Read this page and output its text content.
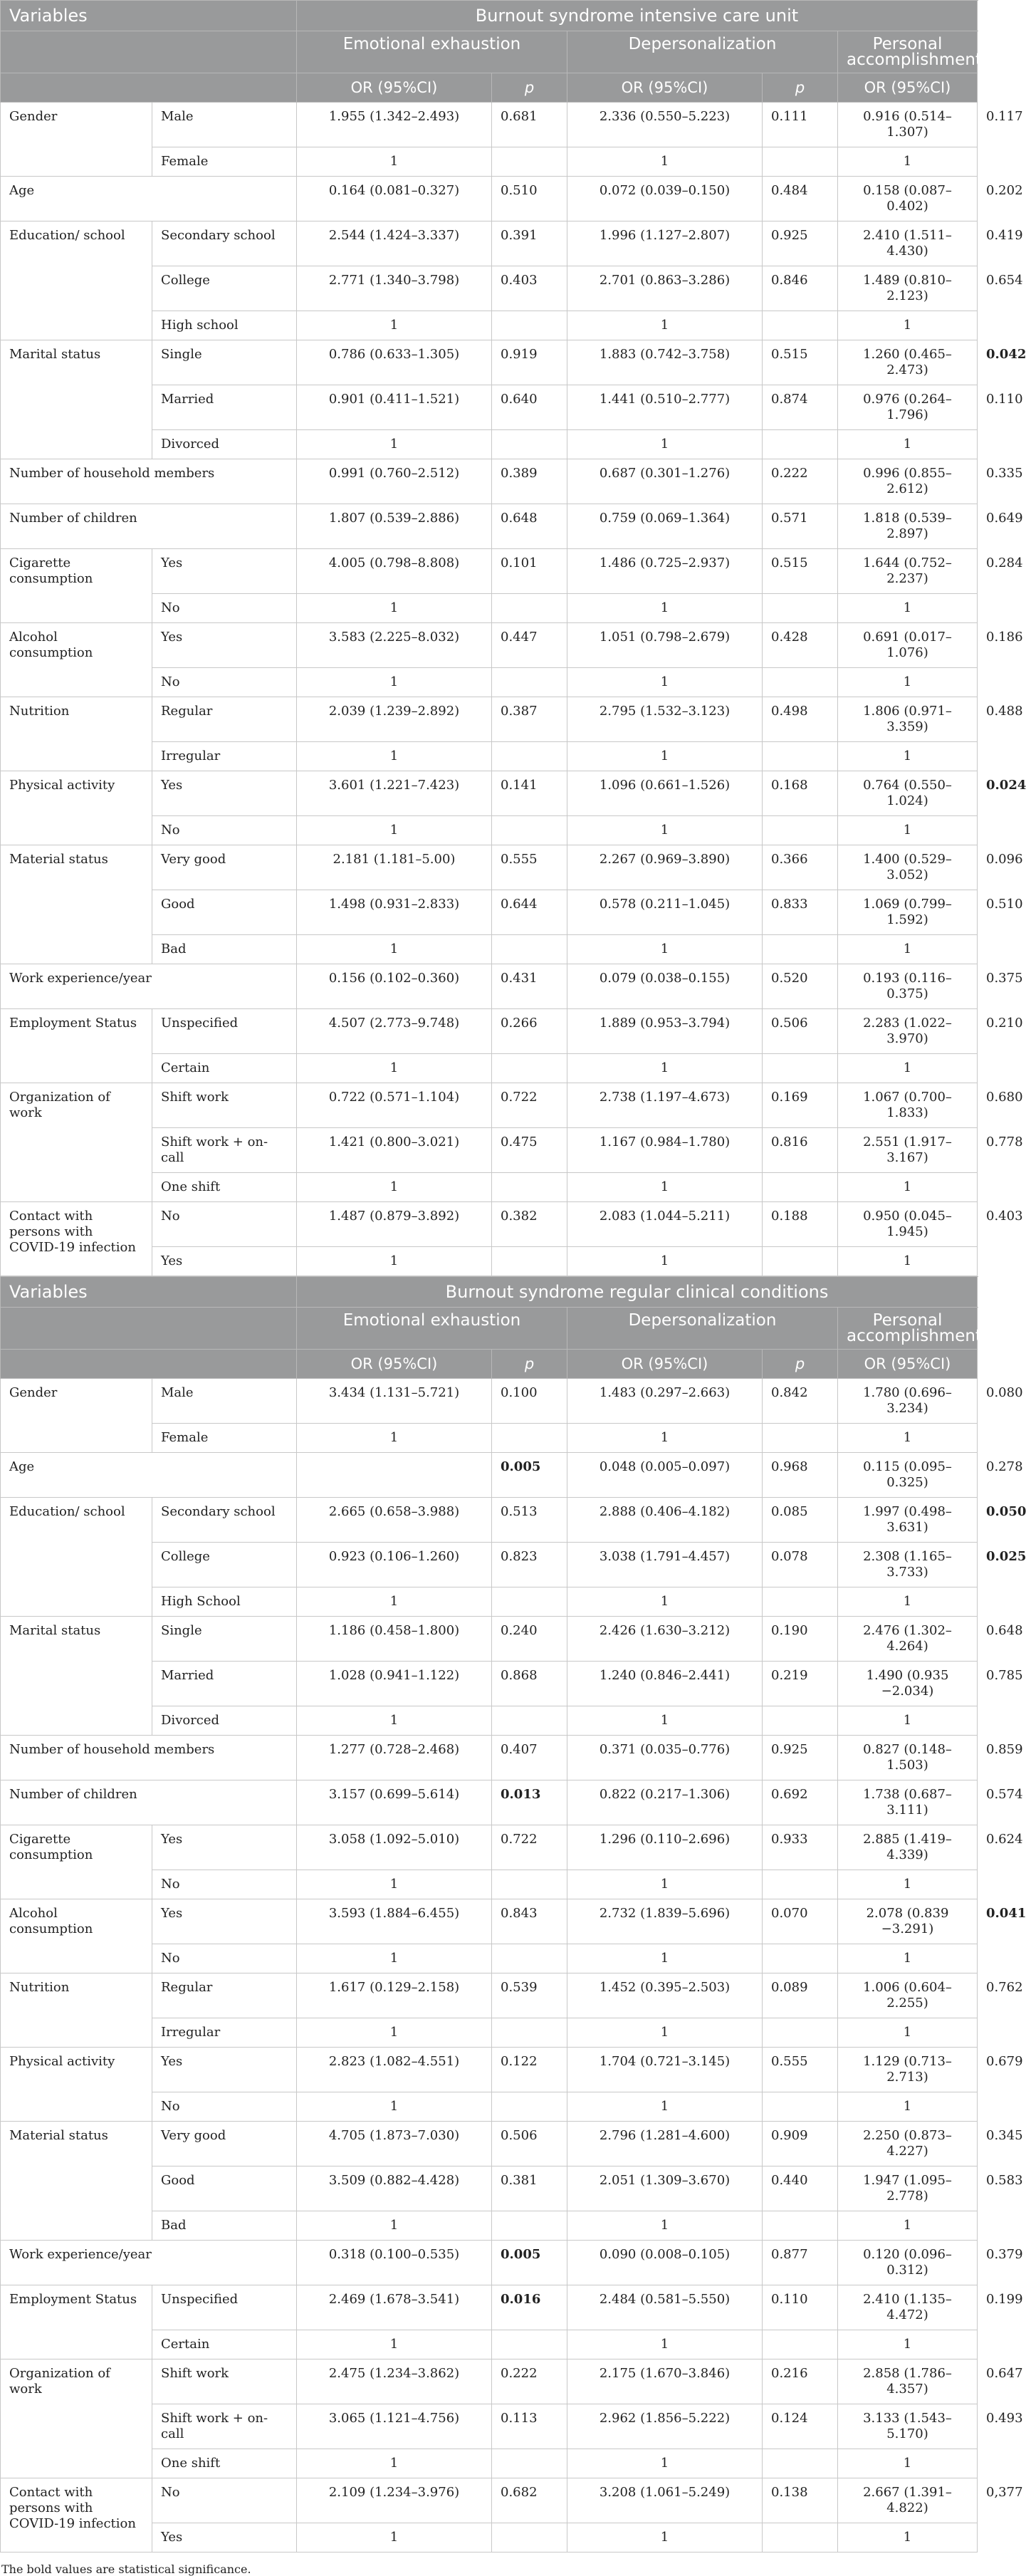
Variables		Burnout syndrome intensive care unit					
		Emotional exhaustion		Depersonalization		Personal accomplishment	
		OR (95%CI)	p	OR (95%CI)	p	OR (95%CI)	p
Gender	Male	1.955 (1.342–2.493)	0.681	2.336 (0.550–5.223)	0.111	0.916 (0.514–1.307)	0.117
	Female	1		1		1	
Age		0.164 (0.081–0.327)	0.510	0.072 (0.039–0.150)	0.484	0.158 (0.087–0.402)	0.202
Education/ school	Secondary school	2.544 (1.424–3.337)	0.391	1.996 (1.127–2.807)	0.925	2.410 (1.511–4.430)	0.419
	College	2.771 (1.340–3.798)	0.403	2.701 (0.863–3.286)	0.846	1.489 (0.810–2.123)	0.654
	High school	1		1		1	
Marital status	Single	0.786 (0.633–1.305)	0.919	1.883 (0.742–3.758)	0.515	1.260 (0.465–2.473)	0.042
	Married	0.901 (0.411–1.521)	0.640	1.441 (0.510–2.777)	0.874	0.976 (0.264–1.796)	0.110
	Divorced	1		1		1	
Number of household members		0.991 (0.760–2.512)	0.389	0.687 (0.301–1.276)	0.222	0.996 (0.855–2.612)	0.335
Number of children		1.807 (0.539–2.886)	0.648	0.759 (0.069–1.364)	0.571	1.818 (0.539–2.897)	0.649
Cigarette consumption	Yes	4.005 (0.798–8.808)	0.101	1.486 (0.725–2.937)	0.515	1.644 (0.752–2.237)	0.284
	No	1		1		1	
Alcohol consumption	Yes	3.583 (2.225–8.032)	0.447	1.051 (0.798–2.679)	0.428	0.691 (0.017–1.076)	0.186
	No	1		1		1	
Nutrition	Regular	2.039 (1.239–2.892)	0.387	2.795 (1.532–3.123)	0.498	1.806 (0.971–3.359)	0.488
	Irregular	1		1		1	
Physical activity	Yes	3.601 (1.221–7.423)	0.141	1.096 (0.661–1.526)	0.168	0.764 (0.550–1.024)	0.024
	No	1		1		1	
Material status	Very good	2.181 (1.181–5.00)	0.555	2.267 (0.969–3.890)	0.366	1.400 (0.529–3.052)	0.096
	Good	1.498 (0.931–2.833)	0.644	0.578 (0.211–1.045)	0.833	1.069 (0.799–1.592)	0.510
	Bad	1		1		1	
Work experience/year		0.156 (0.102–0.360)	0.431	0.079 (0.038–0.155)	0.520	0.193 (0.116–0.375)	0.375
Employment Status	Unspecified	4.507 (2.773–9.748)	0.266	1.889 (0.953–3.794)	0.506	2.283 (1.022–3.970)	0.210
	Certain	1		1		1	
Organization of work	Shift work	0.722 (0.571–1.104)	0.722	2.738 (1.197–4.673)	0.169	1.067 (0.700–1.833)	0.680
	Shift work + on-call	1.421 (0.800–3.021)	0.475	1.167 (0.984–1.780)	0.816	2.551 (1.917–3.167)	0.778
	One shift	1		1		1	
Contact with persons with COVID-19 infection	No	1.487 (0.879–3.892)	0.382	2.083 (1.044–5.211)	0.188	0.950 (0.045–1.945)	0.403
	Yes	1		1		1	
Variables		Burnout syndrome regular clinical conditions					
		Emotional exhaustion		Depersonalization		Personal accomplishment	
		OR (95%CI)	p	OR (95%CI)	p	OR (95%CI)	p
Gender	Male	3.434 (1.131–5.721)	0.100	1.483 (0.297–2.663)	0.842	1.780 (0.696–3.234)	0.080
	Female	1		1		1	
Age			0.005	0.048 (0.005–0.097)	0.968	0.115 (0.095–0.325)	0.278
Education/ school	Secondary school	2.665 (0.658–3.988)	0.513	2.888 (0.406–4.182)	0.085	1.997 (0.498–3.631)	0.050
	College	0.923 (0.106–1.260)	0.823	3.038 (1.791–4.457)	0.078	2.308 (1.165–3.733)	0.025
	High School	1		1		1	
Marital status	Single	1.186 (0.458–1.800)	0.240	2.426 (1.630–3.212)	0.190	2.476 (1.302–4.264)	0.648
	Married	1.028 (0.941–1.122)	0.868	1.240 (0.846–2.441)	0.219	1.490 (0.935 −2.034)	0.785
	Divorced	1		1		1	
Number of household members		1.277 (0.728–2.468)	0.407	0.371 (0.035–0.776)	0.925	0.827 (0.148–1.503)	0.859
Number of children		3.157 (0.699–5.614)	0.013	0.822 (0.217–1.306)	0.692	1.738 (0.687–3.111)	0.574
Cigarette consumption	Yes	3.058 (1.092–5.010)	0.722	1.296 (0.110–2.696)	0.933	2.885 (1.419–4.339)	0.624
	No	1		1		1	
Alcohol consumption	Yes	3.593 (1.884–6.455)	0.843	2.732 (1.839–5.696)	0.070	2.078 (0.839 −3.291)	0.041
	No	1		1		1	
Nutrition	Regular	1.617 (0.129–2.158)	0.539	1.452 (0.395–2.503)	0.089	1.006 (0.604–2.255)	0.762
	Irregular	1		1		1	
Physical activity	Yes	2.823 (1.082–4.551)	0.122	1.704 (0.721–3.145)	0.555	1.129 (0.713–2.713)	0.679
	No	1		1		1	
Material status	Very good	4.705 (1.873–7.030)	0.506	2.796 (1.281–4.600)	0.909	2.250 (0.873–4.227)	0.345
	Good	3.509 (0.882–4.428)	0.381	2.051 (1.309–3.670)	0.440	1.947 (1.095–2.778)	0.583
	Bad	1		1		1	
Work experience/year		0.318 (0.100–0.535)	0.005	0.090 (0.008–0.105)	0.877	0.120 (0.096–0.312)	0.379
Employment Status	Unspecified	2.469 (1.678–3.541)	0.016	2.484 (0.581–5.550)	0.110	2.410 (1.135–4.472)	0.199
	Certain	1		1		1	
Organization of work	Shift work	2.475 (1.234–3.862)	0.222	2.175 (1.670–3.846)	0.216	2.858 (1.786–4.357)	0.647
	Shift work + on-call	3.065 (1.121–4.756)	0.113	2.962 (1.856–5.222)	0.124	3.133 (1.543–5.170)	0.493
	One shift	1		1		1	
Contact with persons with COVID-19 infection	No	2.109 (1.234–3.976)	0.682	3.208 (1.061–5.249)	0.138	2.667 (1.391–4.822)	0,377
	Yes	1		1		1	
The bold values are statistical significance.
